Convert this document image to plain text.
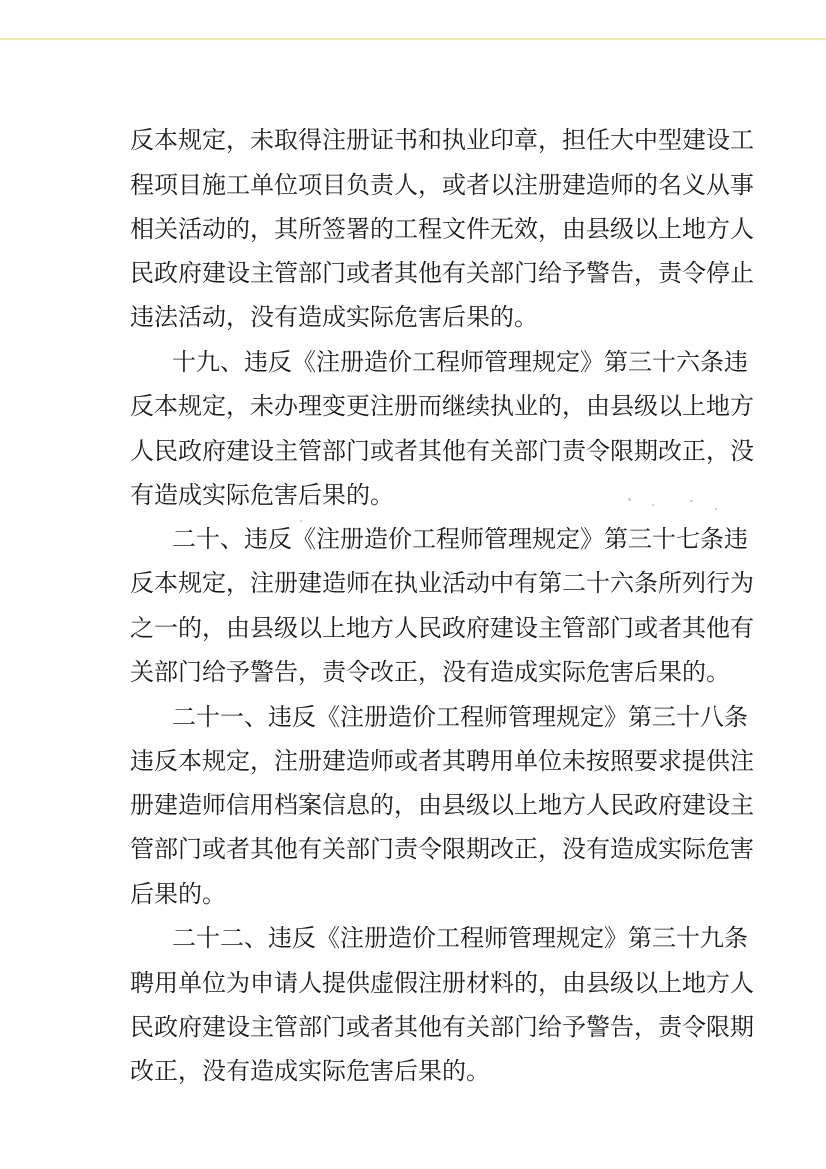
反本规定，未取得注册证书和执业印章，担任大中型建设工
程项目施工单位项目负责人，或者以注册建造师的名义从事
相关活动的，其所签署的工程文件无效，由县级以上地方人
民政府建设主管部门或者其他有关部门给予警告，责令停止
违法活动，没有造成实际危害后果的。
十九、违反《注册造价工程师管理规定》第三十六条违
反本规定，未办理变更注册而继续执业的，由县级以上地方
人民政府建设主管部门或者其他有关部门责令限期改正，没
有造成实际危害后果的。
二十、违反《注册造价工程师管理规定》第三十七条违
反本规定，注册建造师在执业活动中有第二十六条所列行为
之一的，由县级以上地方人民政府建设主管部门或者其他有
关部门给予警告，责令改正，没有造成实际危害后果的。
二十一、违反《注册造价工程师管理规定》第三十八条
违反本规定，注册建造师或者其聘用单位未按照要求提供注
册建造师信用档案信息的，由县级以上地方人民政府建设主
管部门或者其他有关部门责令限期改正，没有造成实际危害
后果的。
二十二、违反《注册造价工程师管理规定》第三十九条
聘用单位为申请人提供虚假注册材料的，由县级以上地方人
民政府建设主管部门或者其他有关部门给予警告，责令限期
改正，没有造成实际危害后果的。
